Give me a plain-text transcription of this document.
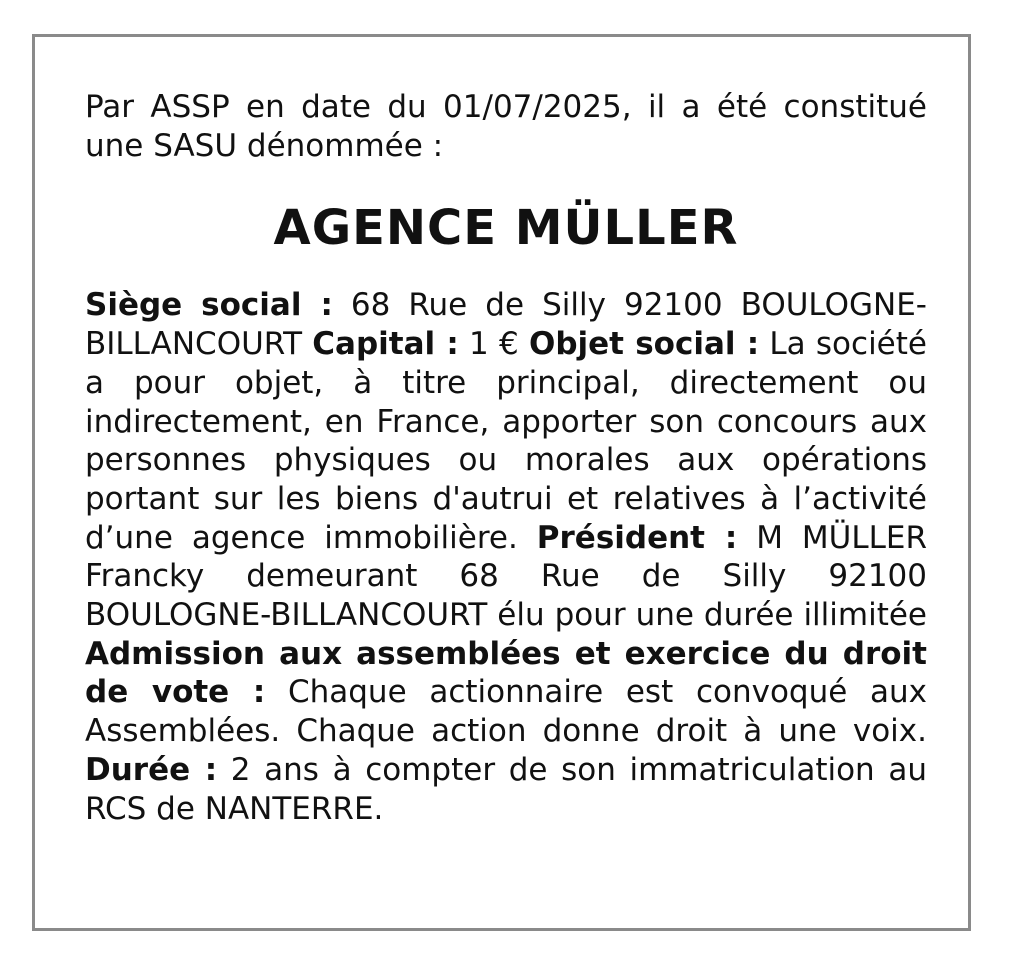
Par ASSP en date du 01/07/2025, il a été constitué une SASU dénommée :

AGENCE MÜLLER

Siège social : 68 Rue de Silly 92100 BOULOGNE-BILLANCOURT Capital : 1 € Objet social : La société a pour objet, à titre principal, directement ou indirectement, en France, apporter son concours aux personnes physiques ou morales aux opérations portant sur les biens d'autrui et relatives à l’activité d’une agence immobilière. Président : M MÜLLER Francky demeurant 68 Rue de Silly 92100 BOULOGNE-BILLANCOURT élu pour une durée illimitée Admission aux assemblées et exercice du droit de vote : Chaque actionnaire est convoqué aux Assemblées. Chaque action donne droit à une voix. Durée : 2 ans à compter de son immatriculation au RCS de NANTERRE.
